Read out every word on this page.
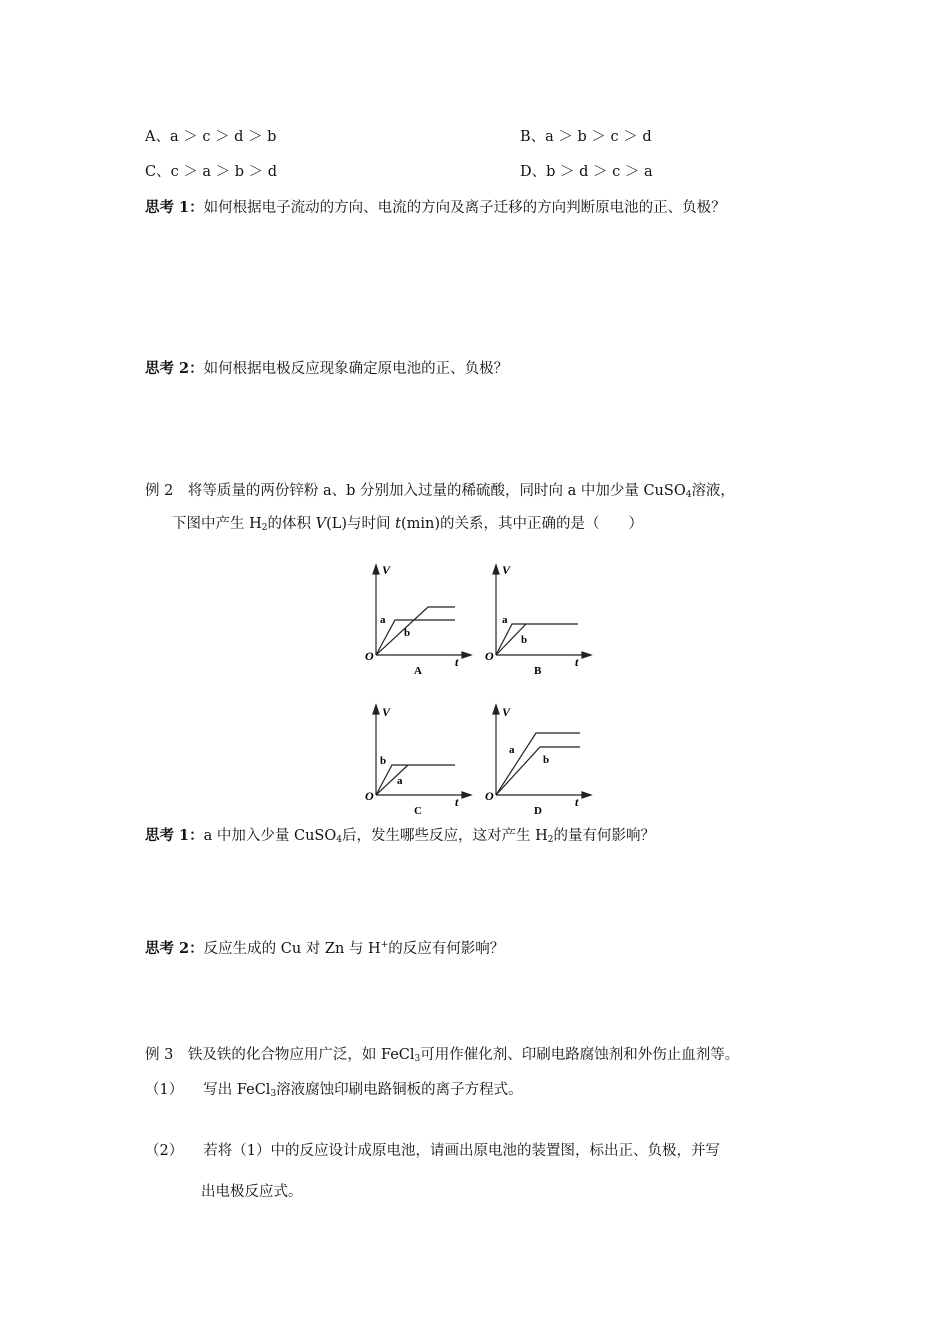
A、a ＞ c ＞ d ＞ b	B、a ＞ b ＞ c ＞ d
C、c ＞ a ＞ b ＞ d	D、b ＞ d ＞ c ＞ a
思考 1：如何根据电子流动的方向、电流的方向及离子迁移的方向判断原电池的正、负极？
思考 2：如何根据电极反应现象确定原电池的正、负极？
例 2　将等质量的两份锌粉 a、b 分别加入过量的稀硫酸，同时向 a 中加少量 CuSO$_4$溶液，
下图中产生 $H_2$的体积 V(L)与时间 t(min)的关系，其中正确的是（　　）
V
t
O
a
b
A
V
t
O
a
b
B
V
t
O
b
a
C
V
t
O
a
b
D
思考 1：a 中加入少量 CuSO$_4$后，发生哪些反应，这对产生 $H_2$的量有何影响？
思考 2：反应生成的 Cu 对 Zn 与 H+的反应有何影响？
例 3　铁及铁的化合物应用广泛，如 FeCl$_3$可用作催化剂、印刷电路腐蚀剂和外伤止血剂等。
（1） 写出 FeCl$_3$溶液腐蚀印刷电路铜板的离子方程式。
（2） 若将（1）中的反应设计成原电池，请画出原电池的装置图，标出正、负极，并写
出电极反应式。
